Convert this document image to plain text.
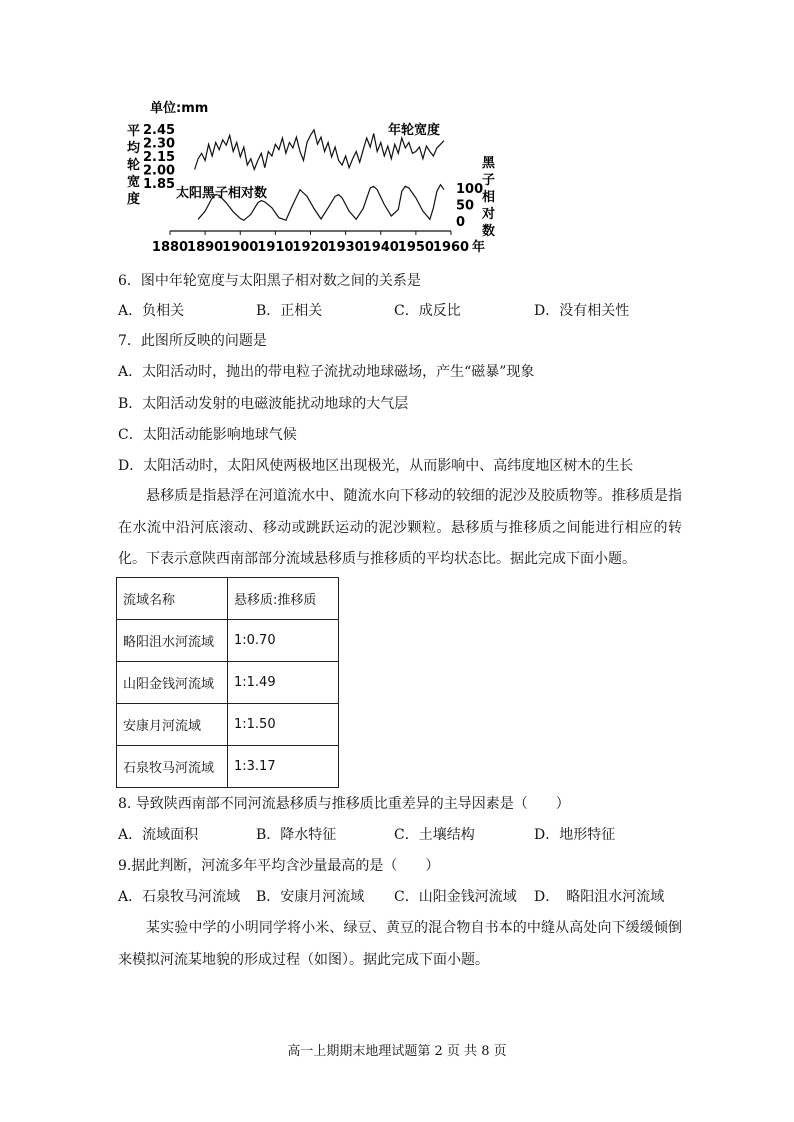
单位:mm
平
均
轮
宽
度
黑
子
相
对
数
2.45
2.30
2.15
2.00
1.85	100
50
0
1880
1890
1900
1910
1920
1930
1940
1950
1960 年
年轮宽度
太阳黑子相对数
6．图中年轮宽度与太阳黑子相对数之间的关系是
A．负相关	B．正相关	C．成反比	D．没有相关性
7．此图所反映的问题是
A．太阳活动时，抛出的带电粒子流扰动地球磁场，产生“磁暴”现象
B．太阳活动发射的电磁波能扰动地球的大气层
C．太阳活动能影响地球气候
D．太阳活动时，太阳风使两极地区出现极光，从而影响中、高纬度地区树木的生长
悬移质是指悬浮在河道流水中、随流水向下移动的较细的泥沙及胶质物等。推移质是指在水流中沿河底滚动、移动或跳跃运动的泥沙颗粒。悬移质与推移质之间能进行相应的转化。下表示意陕西南部部分流域悬移质与推移质的平均状态比。据此完成下面小题。
流域名称	悬移质:推移质
略阳沮水河流域	1:0.70
山阳金钱河流域	1:1.49
安康月河流域	1:1.50
石泉牧马河流域	1:3.17
8. 导致陕西南部不同河流悬移质与推移质比重差异的主导因素是（　　）
A．流域面积	B．降水特征	C．土壤结构	D．地形特征
9.据此判断，河流多年平均含沙量最高的是（　　）
A．石泉牧马河流域	B．安康月河流域	C．山阳金钱河流域	D．　略阳沮水河流域
某实验中学的小明同学将小米、绿豆、黄豆的混合物自书本的中缝从高处向下缓缓倾倒来模拟河流某地貌的形成过程（如图）。据此完成下面小题。
高一上期期末地理试题第 2 页 共 8 页
